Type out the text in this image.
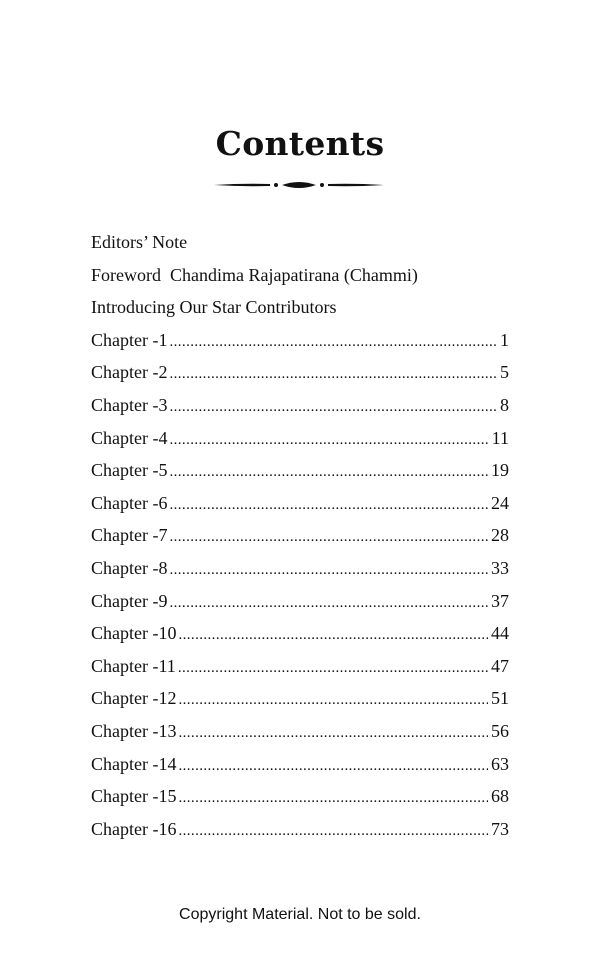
Contents
Editors’ Note
Foreword  Chandima Rajapatirana (Chammi)
Introducing Our Star Contributors
Chapter -1 .....	1
Chapter -2 .....	5
Chapter -3 .....	8
Chapter -4 .....	11
Chapter -5 .....	19
Chapter -6 .....	24
Chapter -7 .....	28
Chapter -8 .....	33
Chapter -9 .....	37
Chapter -10 .....	44
Chapter -11 .....	47
Chapter -12 .....	51
Chapter -13 .....	56
Chapter -14 .....	63
Chapter -15 .....	68
Chapter -16 .....	73
Copyright Material. Not to be sold.
